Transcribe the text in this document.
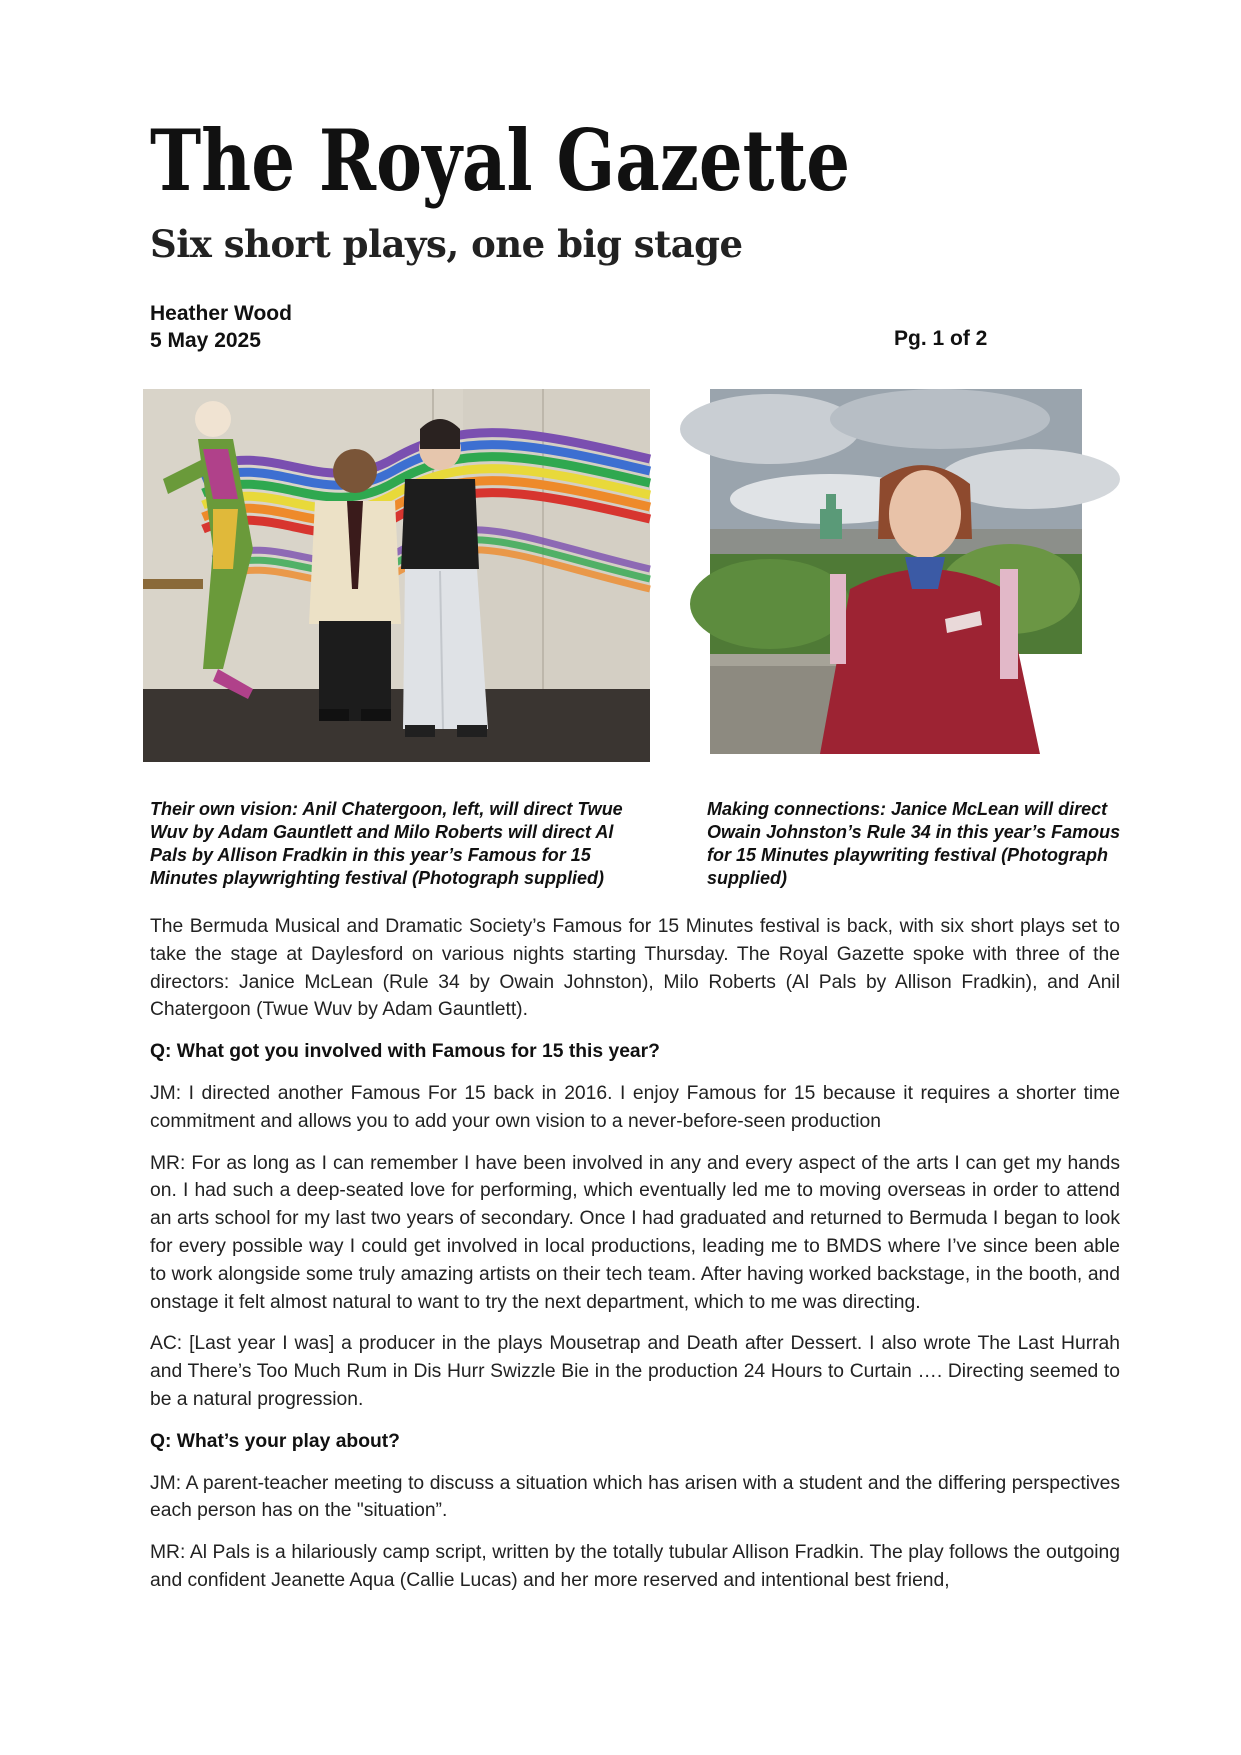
The Royal Gazette
Six short plays, one big stage
Heather Wood
5 May 2025	Pg. 1 of 2

Their own vision: Anil Chatergoon, left, will direct Twue Wuv by Adam Gauntlett and Milo Roberts will direct Al Pals by Allison Fradkin in this year’s Famous for 15 Minutes playwrighting festival (Photograph supplied)

Making connections: Janice McLean will direct Owain Johnston’s Rule 34 in this year’s Famous for 15 Minutes playwriting festival (Photograph supplied)

The Bermuda Musical and Dramatic Society’s Famous for 15 Minutes festival is back, with six short plays set to take the stage at Daylesford on various nights starting Thursday. The Royal Gazette spoke with three of the directors: Janice McLean (Rule 34 by Owain Johnston), Milo Roberts (Al Pals by Allison Fradkin), and Anil Chatergoon (Twue Wuv by Adam Gauntlett).

Q: What got you involved with Famous for 15 this year?

JM: I directed another Famous For 15 back in 2016. I enjoy Famous for 15 because it requires a shorter time commitment and allows you to add your own vision to a never-before-seen production

MR: For as long as I can remember I have been involved in any and every aspect of the arts I can get my hands on. I had such a deep-seated love for performing, which eventually led me to moving overseas in order to attend an arts school for my last two years of secondary. Once I had graduated and returned to Bermuda I began to look for every possible way I could get involved in local productions, leading me to BMDS where I’ve since been able to work alongside some truly amazing artists on their tech team. After having worked backstage, in the booth, and onstage it felt almost natural to want to try the next department, which to me was directing.

AC: [Last year I was] a producer in the plays Mousetrap and Death after Dessert. I also wrote The Last Hurrah and There’s Too Much Rum in Dis Hurr Swizzle Bie in the production 24 Hours to Curtain …. Directing seemed to be a natural progression.

Q: What’s your play about?

JM: A parent-teacher meeting to discuss a situation which has arisen with a student and the differing perspectives each person has on the "situation”.

MR: Al Pals is a hilariously camp script, written by the totally tubular Allison Fradkin. The play follows the outgoing and confident Jeanette Aqua (Callie Lucas) and her more reserved and intentional best friend,
